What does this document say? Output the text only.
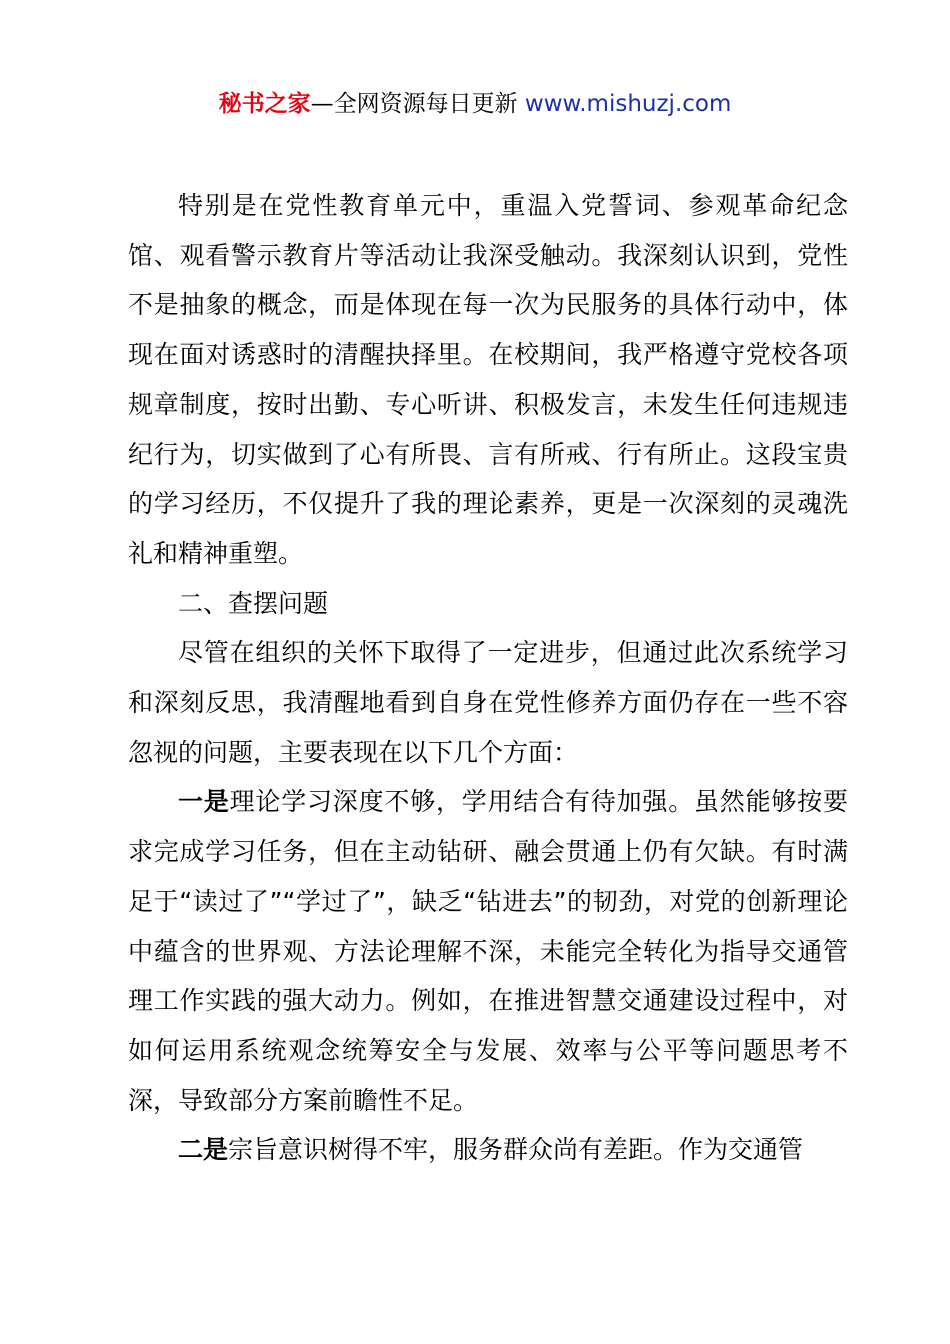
秘书之家—全网资源每日更新 www.mishuzj.com

特别是在党性教育单元中，重温入党誓词、参观革命纪念馆、观看警示教育片等活动让我深受触动。我深刻认识到，党性不是抽象的概念，而是体现在每一次为民服务的具体行动中，体现在面对诱惑时的清醒抉择里。在校期间，我严格遵守党校各项规章制度，按时出勤、专心听讲、积极发言，未发生任何违规违纪行为，切实做到了心有所畏、言有所戒、行有所止。这段宝贵的学习经历，不仅提升了我的理论素养，更是一次深刻的灵魂洗礼和精神重塑。

二、查摆问题

尽管在组织的关怀下取得了一定进步，但通过此次系统学习和深刻反思，我清醒地看到自身在党性修养方面仍存在一些不容忽视的问题，主要表现在以下几个方面：

一是理论学习深度不够，学用结合有待加强。虽然能够按要求完成学习任务，但在主动钻研、融会贯通上仍有欠缺。有时满足于“读过了”“学过了”，缺乏“钻进去”的韧劲，对党的创新理论中蕴含的世界观、方法论理解不深，未能完全转化为指导交通管理工作实践的强大动力。例如，在推进智慧交通建设过程中，对如何运用系统观念统筹安全与发展、效率与公平等问题思考不深，导致部分方案前瞻性不足。

二是宗旨意识树得不牢，服务群众尚有差距。作为交通管
